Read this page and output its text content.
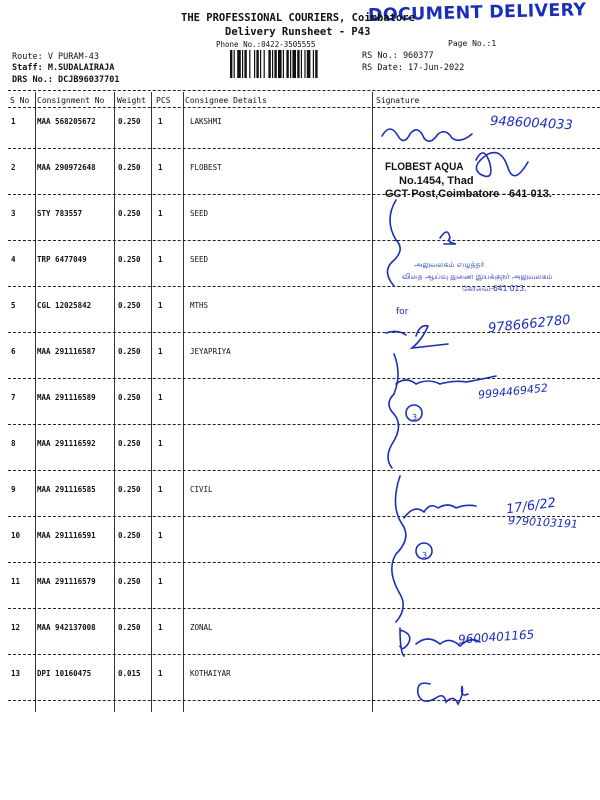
DOCUMENT DELIVERY
THE PROFESSIONAL COURIERS, Coimbatore
Delivery Runsheet - P43
Phone No.:0422-3505555	Page No.:1
Route: V PURAM-43
Staff: M.SUDALAIRAJA
DRS No.: DCJB96037701
RS No.: 960377
RS Date: 17-Jun-2022
S No Consignment No Weight PCS Consignee Details	Signature
1	MAA 568205672	0.250 1	LAKSHMI
2	MAA 290972648	0.250 1	FLOBEST
3	STY 783557	0.250 1	SEED
4	TRP 6477049	0.250 1	SEED
5	CGL 12025842	0.250 1	MTHS
6	MAA 291116587	0.250 1	JEYAPRIYA
7	MAA 291116589	0.250 1
8	MAA 291116592	0.250 1
9	MAA 291116585	0.250 1	CIVIL
10 MAA 291116591	0.250 1
11 MAA 291116579	0.250 1
12 MAA 942137008	0.250 1	ZONAL
13 DPI 10160475	0.015 1	KOTHAIYAR
FLOBEST AQUA
No.1454, Thad
GCT Post,Coimbatore - 641 013.
அலுவலகம் எழுத்தர்
விதை ஆய்வு துணை இயக்குநர் அலுவலகம்
கோவை-641 013.
9486004033
9786662780
9994469452
17/6/22
9790103191
9600401165
for
3
3
